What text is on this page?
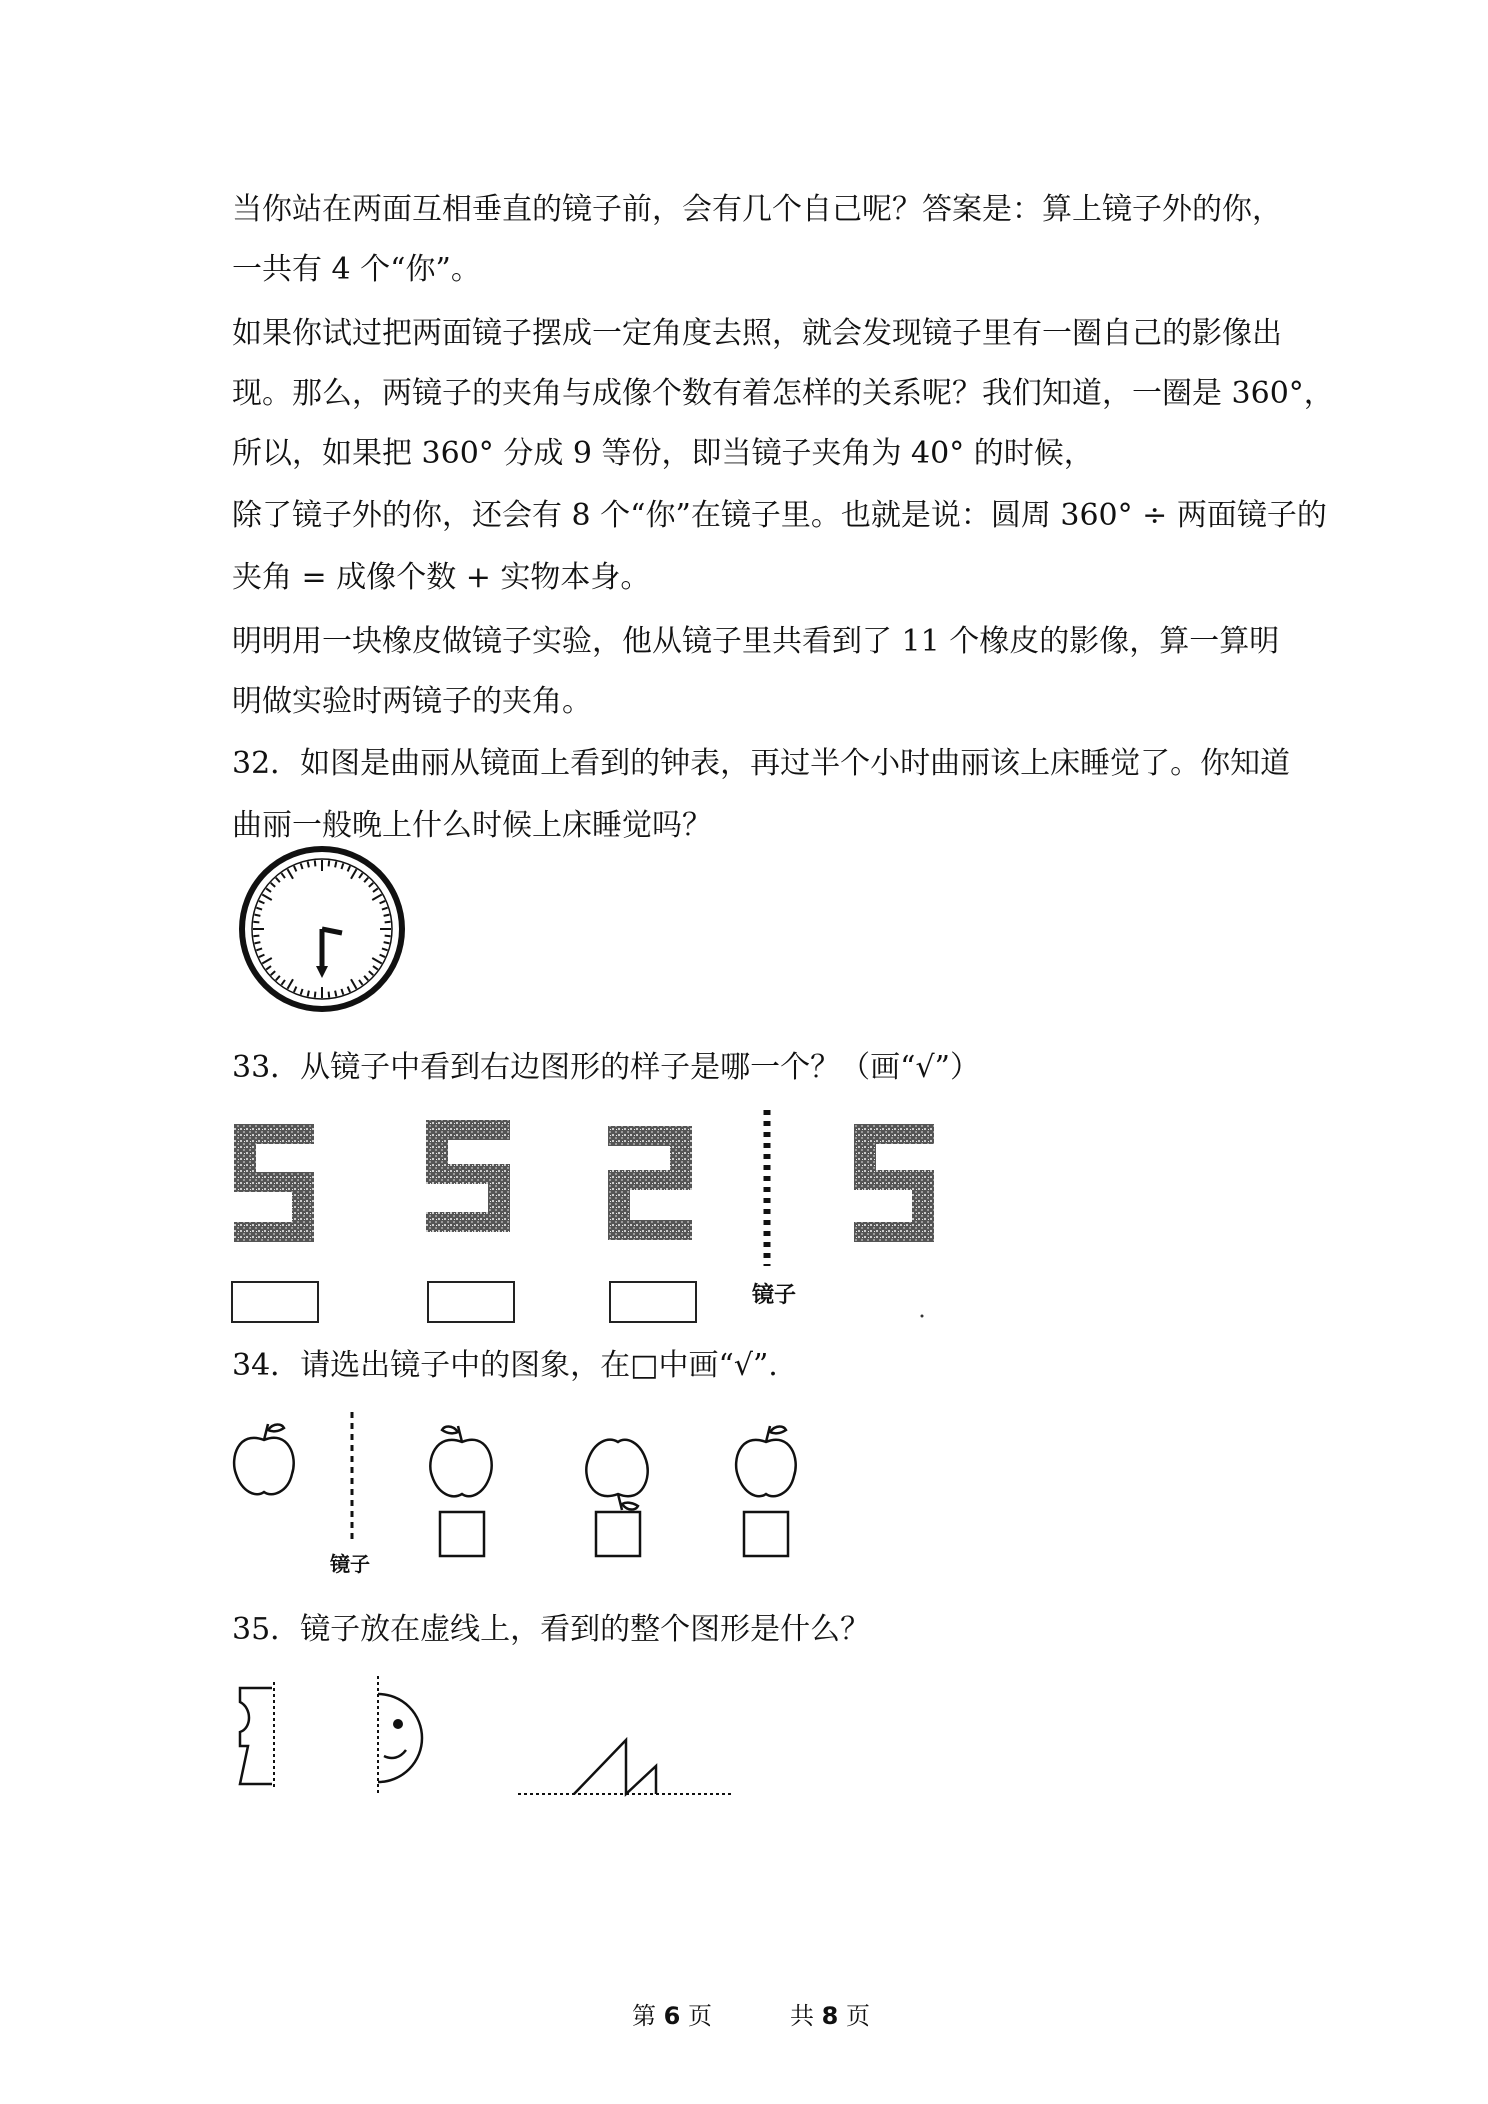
当你站在两面互相垂直的镜子前，会有几个自己呢？答案是：算上镜子外的你，
一共有 4 个“你”。
如果你试过把两面镜子摆成一定角度去照，就会发现镜子里有一圈自己的影像出
现。那么，两镜子的夹角与成像个数有着怎样的关系呢？我们知道，一圈是 360°，
所以，如果把 360° 分成 9 等份，即当镜子夹角为 40° 的时候，
除了镜子外的你，还会有 8 个“你”在镜子里。也就是说：圆周 360° ÷ 两面镜子的
夹角 = 成像个数 + 实物本身。
明明用一块橡皮做镜子实验，他从镜子里共看到了 11 个橡皮的影像，算一算明
明做实验时两镜子的夹角。
32．如图是曲丽从镜面上看到的钟表，再过半个小时曲丽该上床睡觉了。你知道
曲丽一般晚上什么时候上床睡觉吗？
33．从镜子中看到右边图形的样子是哪一个？（画“√”）
镜子
34．请选出镜子中的图象，在□中画“√”.
镜子
35．镜子放在虚线上，看到的整个图形是什么？
第 6 页	共 8 页
